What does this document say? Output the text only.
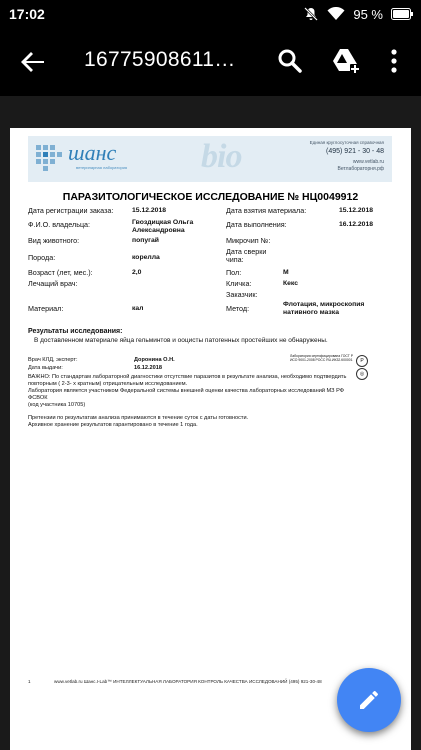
17:02	95 %
16775908611…
шанс
ветеринарная лаборатория bio	Единая круглосуточная справочная
(495) 921 - 30 - 48
www.vetlab.ru
Ветлабораторня.рф
ПАРАЗИТОЛОГИЧЕСКОЕ ИССЛЕДОВАНИЕ № НЦ0049912
Дата регистрации заказа:	15.12.2018
Ф.И.О. владельца:	Гвоздицкая Ольга Александровна
Вид животного:	попугай
Порода:	корелла
Возраст (лет, мес.):	2,0
Лечащий врач:
Материал:	кал
Дата взятия материала:	15.12.2018
Дата выполнения:	16.12.2018
Микрочип №:
Дата сверки чипа:
Пол:	М
Кличка:	Кекс
Заказчик:
Метод:	Флотация, микроскопия нативного мазка
Результаты исследования:
В доставленном материале яйца гельминтов и ооцисты патогенных простейших не обнаружены.
Врач КЛД, эксперт:	Доронина О.Н.
Дата выдачи:	16.12.2018
Лаборатория сертифицирована ГОСТ Р ИСО 9001-2008 РОСС RU.ИК32.К00001	Р
◎
ВАЖНО: По стандартам лабораторной диагностики отсутствие паразитов в результате анализа, необходимо подтвердить
повторным ( 2-3- х кратным) отрицательным исследованием.
Лаборатория является участником Федеральной системы внешней оценки качества лабораторных исследований МЗ РФ
ФСВОК
(код участника 10705)
Претензии по результатам анализа принимаются в течение суток с даты готовности.
Архивное хранение результатов гарантировано в течение 1 года.
1	www.vetlab.ru Шанс.I-Lab™ ИНТЕЛЛЕКТУАЛЬНАЯ ЛАБОРАТОРИЯ КОНТРОЛЬ КАЧЕСТВА ИССЛЕДОВАНИЙ (495) 921-30-48
